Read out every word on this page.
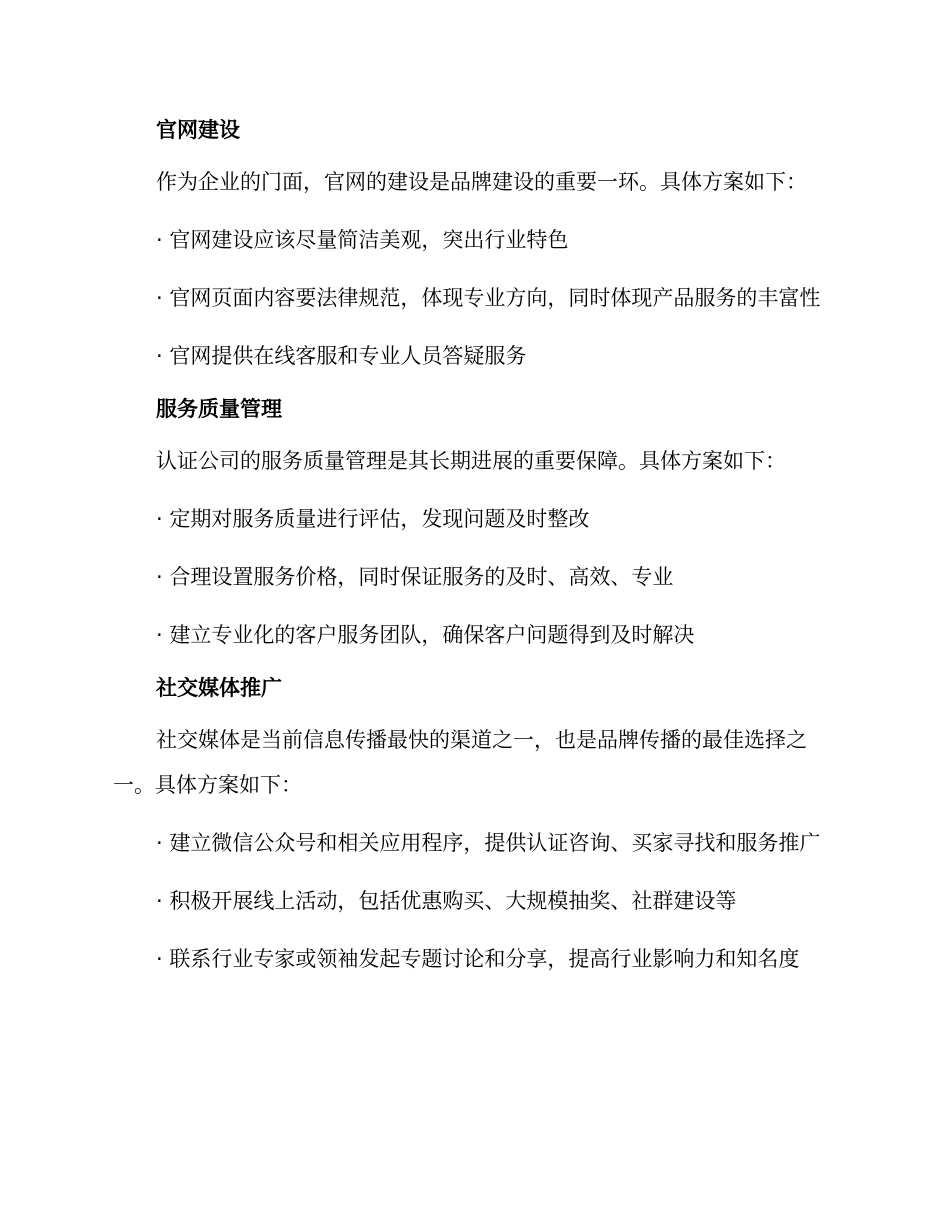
官网建设

作为企业的门面，官网的建设是品牌建设的重要一环。具体方案如下：

· 官网建设应该尽量简洁美观，突出行业特色

· 官网页面内容要法律规范，体现专业方向，同时体现产品服务的丰富性

· 官网提供在线客服和专业人员答疑服务

服务质量管理

认证公司的服务质量管理是其长期进展的重要保障。具体方案如下：

· 定期对服务质量进行评估，发现问题及时整改

· 合理设置服务价格，同时保证服务的及时、高效、专业

· 建立专业化的客户服务团队，确保客户问题得到及时解决

社交媒体推广

社交媒体是当前信息传播最快的渠道之一，也是品牌传播的最佳选择之一。具体方案如下：

· 建立微信公众号和相关应用程序，提供认证咨询、买家寻找和服务推广

· 积极开展线上活动，包括优惠购买、大规模抽奖、社群建设等

· 联系行业专家或领袖发起专题讨论和分享，提高行业影响力和知名度
